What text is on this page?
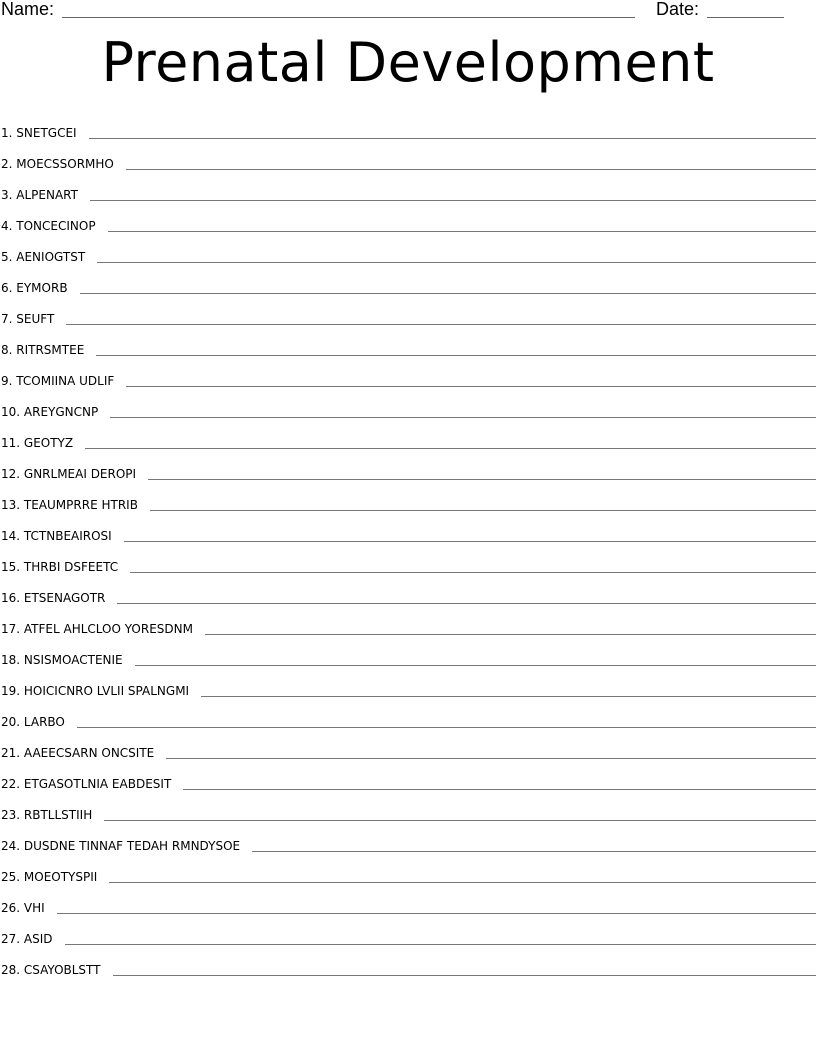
Name:	Date:
Prenatal Development
1. SNETGCEI
2. MOECSSORMHO
3. ALPENART
4. TONCECINOP
5. AENIOGTST
6. EYMORB
7. SEUFT
8. RITRSMTEE
9. TCOMIINA UDLIF
10. AREYGNCNP
11. GEOTYZ
12. GNRLMEAI DEROPI
13. TEAUMPRRE HTRIB
14. TCTNBEAIROSI
15. THRBI DSFEETC
16. ETSENAGOTR
17. ATFEL AHLCLOO YORESDNM
18. NSISMOACTENIE
19. HOICICNRO LVLII SPALNGMI
20. LARBO
21. AAEECSARN ONCSITE
22. ETGASOTLNIA EABDESIT
23. RBTLLSTIIH
24. DUSDNE TINNAF TEDAH RMNDYSOE
25. MOEOTYSPII
26. VHI
27. ASID
28. CSAYOBLSTT
